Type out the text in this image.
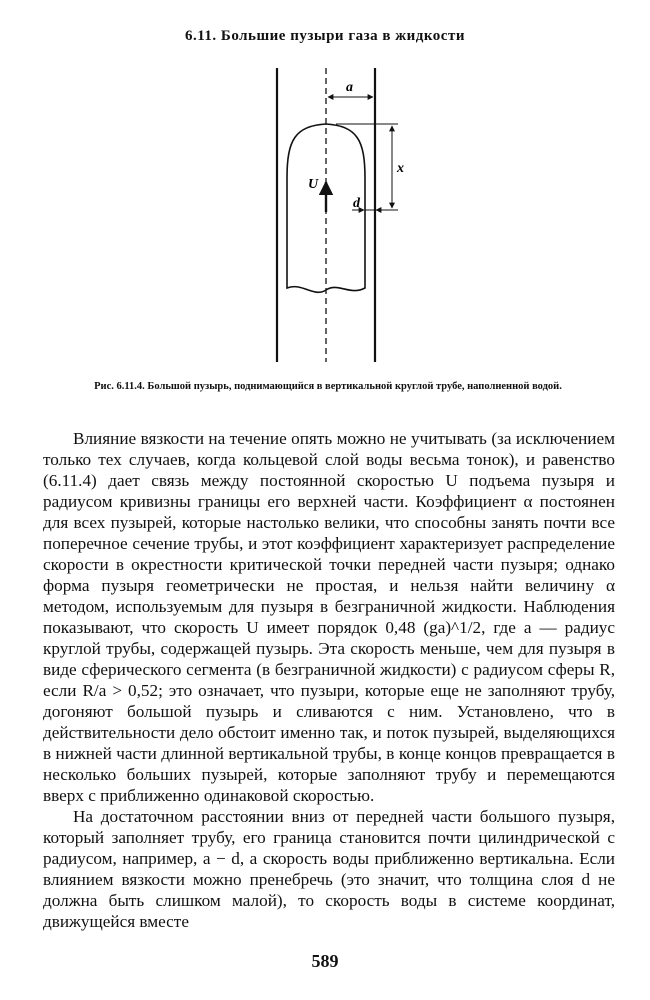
6.11. Большие пузыри газа в жидкости
a
x
U
d
Рис. 6.11.4. Большой пузырь, поднимающийся в вертикальной круглой трубе, наполненной водой.

Влияние вязкости на течение опять можно не учитывать (за исключением только тех случаев, когда кольцевой слой воды весьма тонок), и равенство (6.11.4) дает связь между постоянной скоростью U подъема пузыря и радиусом кривизны границы его верхней части. Коэффициент α постоянен для всех пузырей, которые настолько велики, что способны занять почти все поперечное сечение трубы, и этот коэффициент характеризует распределение скорости в окрестности критической точки передней части пузыря; однако форма пузыря геометрически не простая, и нельзя найти величину α методом, используемым для пузыря в безграничной жидкости. Наблюдения показывают, что скорость U имеет порядок 0,48 (ga)^1/2, где a — радиус круглой трубы, содержащей пузырь. Эта скорость меньше, чем для пузыря в виде сферического сегмента (в безграничной жидкости) с радиусом сферы R, если R/a > 0,52; это означает, что пузыри, которые еще не заполняют трубу, догоняют большой пузырь и сливаются с ним. Установлено, что в действительности дело обстоит именно так, и поток пузырей, выделяющихся в нижней части длинной вертикальной трубы, в конце концов превращается в несколько больших пузырей, которые заполняют трубу и перемещаются вверх с приближенно одинаковой скоростью.

На достаточном расстоянии вниз от передней части большого пузыря, который заполняет трубу, его граница становится почти цилиндрической с радиусом, например, a − d, а скорость воды приближенно вертикальна. Если влиянием вязкости можно пренебречь (это значит, что толщина слоя d не должна быть слишком малой), то скорость воды в системе координат, движущейся вместе

589
